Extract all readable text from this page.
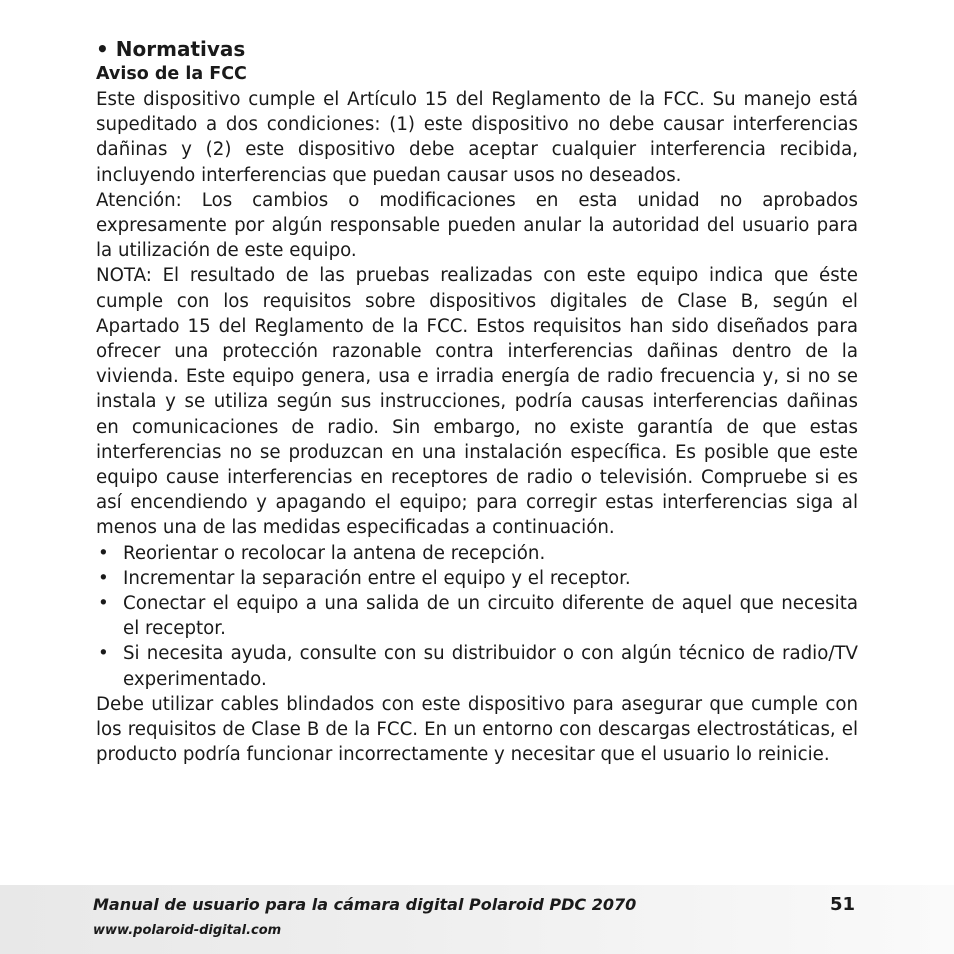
• Normativas
Aviso de la FCC

Este dispositivo cumple el Artículo 15 del Reglamento de la FCC. Su manejo está supeditado a dos condiciones: (1) este dispositivo no debe causar interferencias dañinas y (2) este dispositivo debe aceptar cualquier interferencia recibida, incluyendo interferencias que puedan causar usos no deseados.

Atención: Los cambios o modificaciones en esta unidad no aprobados expresamente por algún responsable pueden anular la autoridad del usuario para la utilización de este equipo.

NOTA: El resultado de las pruebas realizadas con este equipo indica que éste cumple con los requisitos sobre dispositivos digitales de Clase B, según el Apartado 15 del Reglamento de la FCC. Estos requisitos han sido diseñados para ofrecer una protección razonable contra interferencias dañinas dentro de la vivienda. Este equipo genera, usa e irradia energía de radio frecuencia y, si no se instala y se utiliza según sus instrucciones, podría causas interferencias dañinas en comunicaciones de radio. Sin embargo, no existe garantía de que estas interferencias no se produzcan en una instalación específica. Es posible que este equipo cause interferencias en receptores de radio o televisión. Compruebe si es así encendiendo y apagando el equipo; para corregir estas interferencias siga al menos una de las medidas especificadas a continuación.

• Reorientar o recolocar la antena de recepción.
• Incrementar la separación entre el equipo y el receptor.
• Conectar el equipo a una salida de un circuito diferente de aquel que necesita el receptor.
• Si necesita ayuda, consulte con su distribuidor o con algún técnico de radio/TV experimentado.

Debe utilizar cables blindados con este dispositivo para asegurar que cumple con los requisitos de Clase B de la FCC. En un entorno con descargas electrostáticas, el producto podría funcionar incorrectamente y necesitar que el usuario lo reinicie.

Manual de usuario para la cámara digital Polaroid PDC 2070	51
www.polaroid-digital.com
